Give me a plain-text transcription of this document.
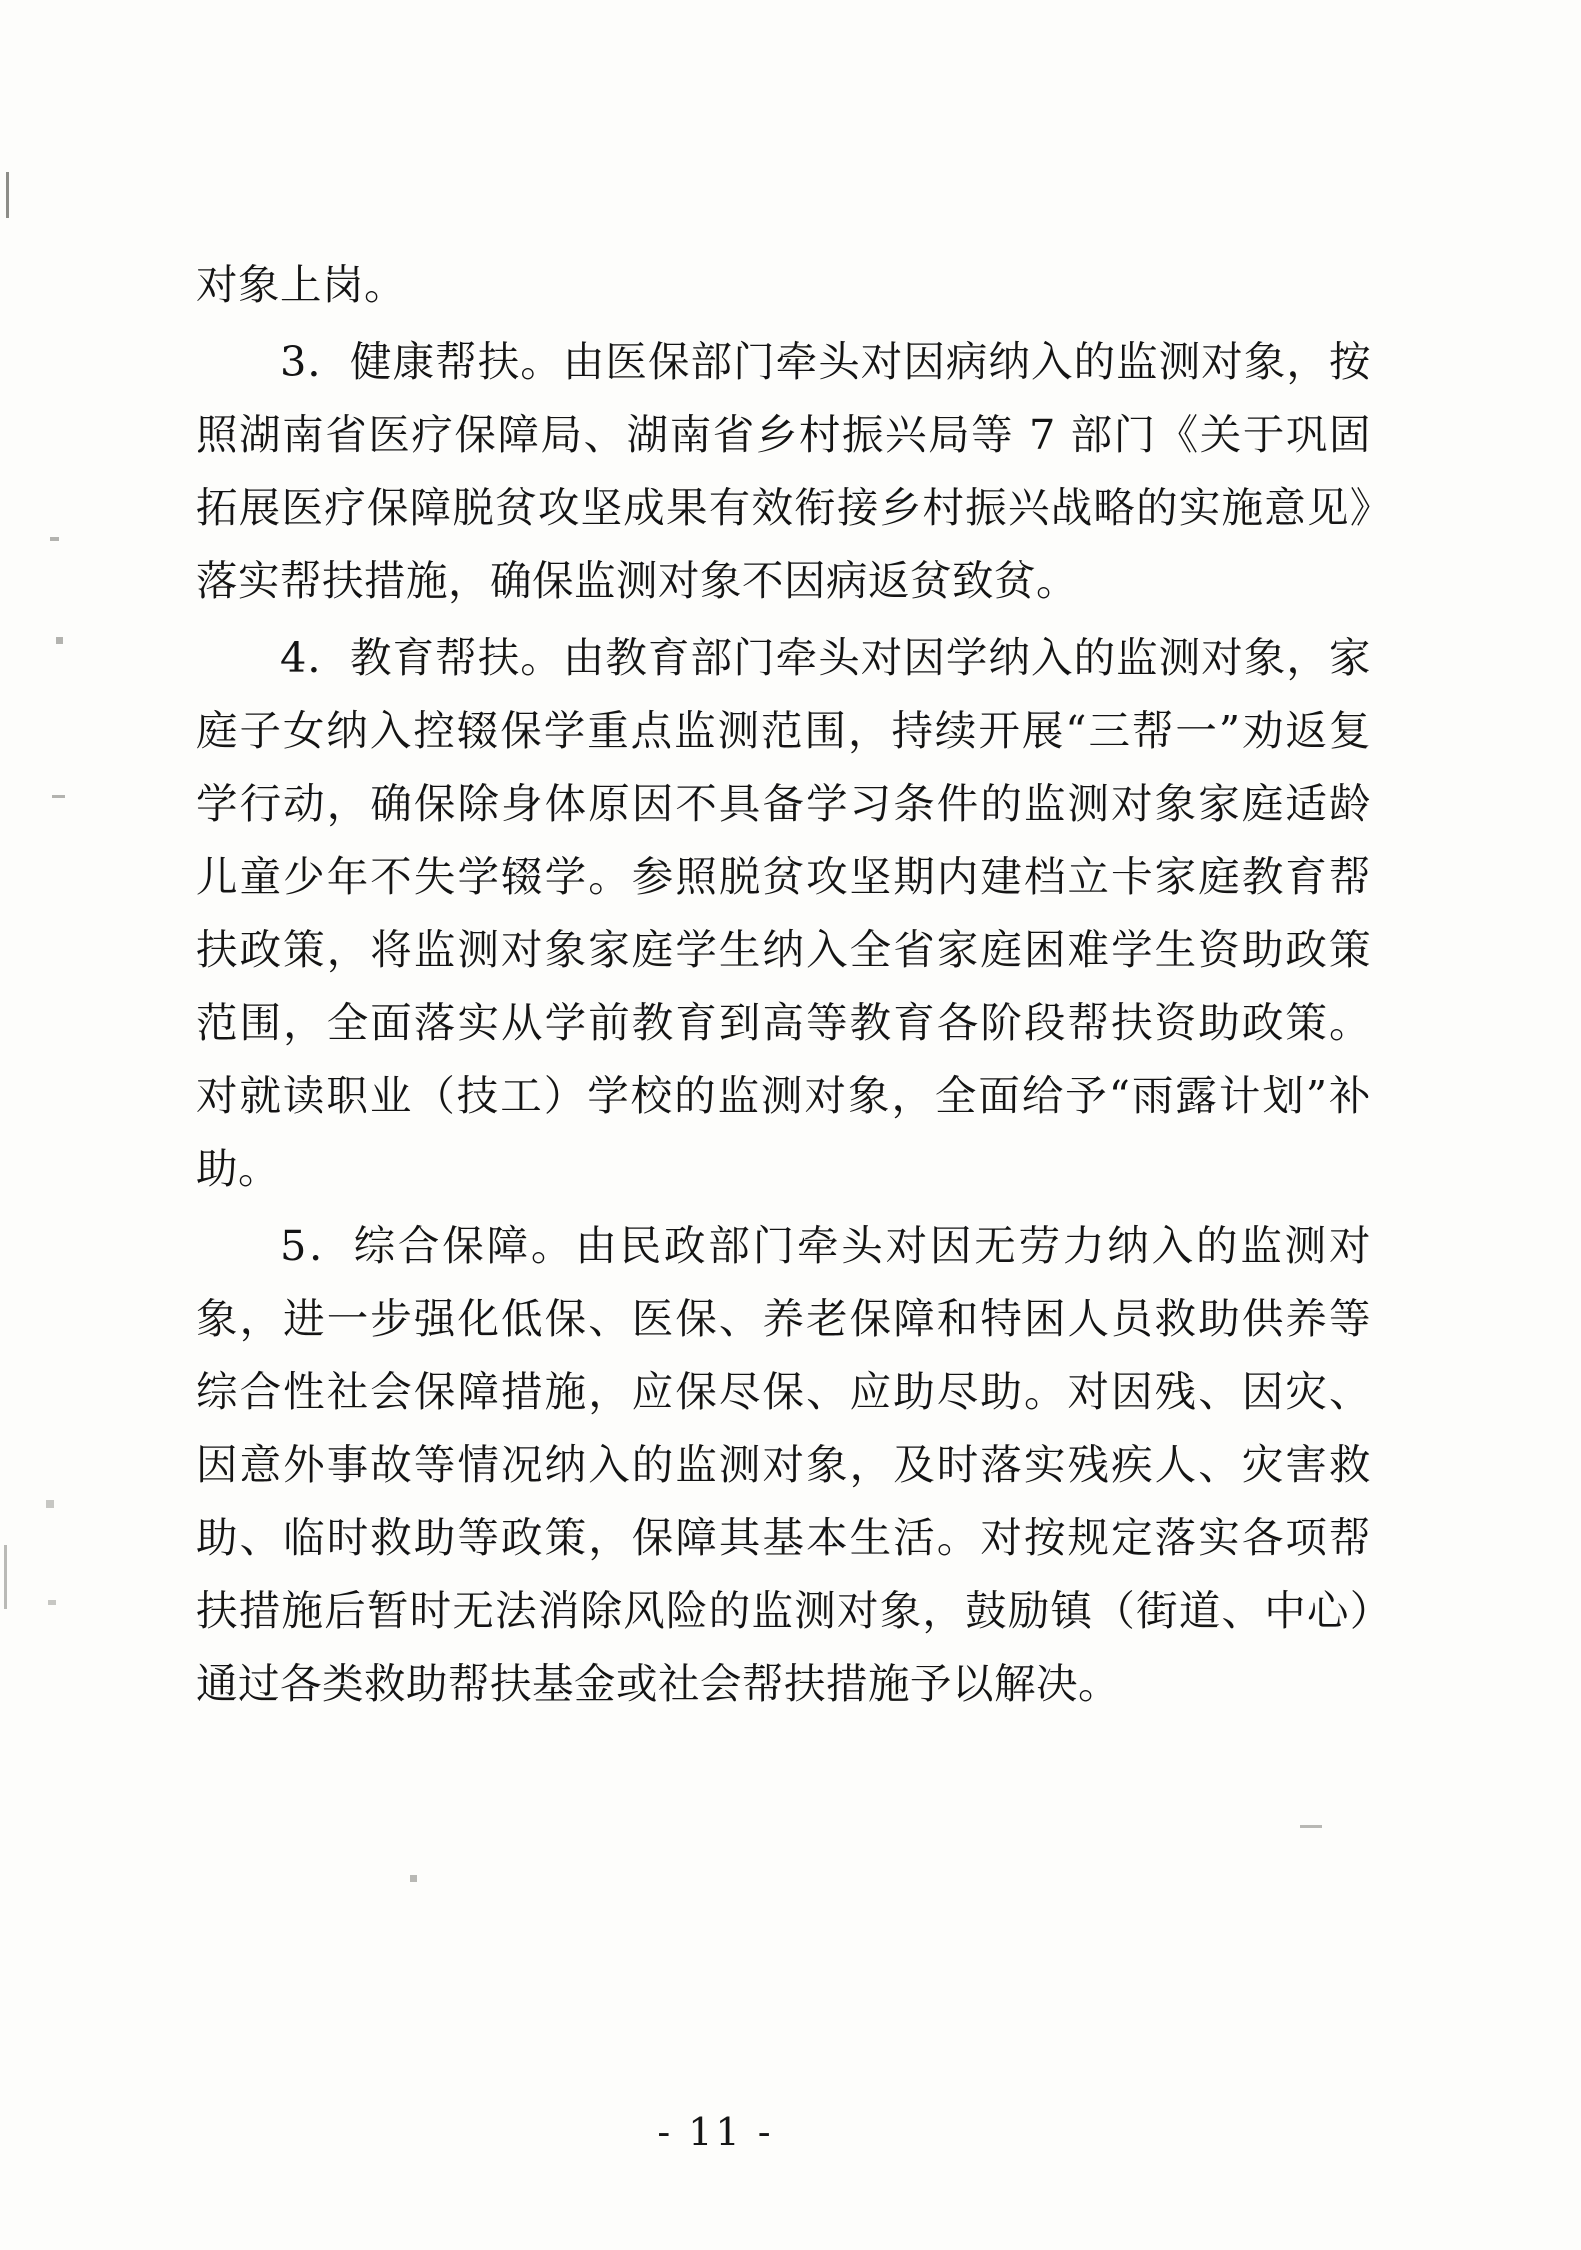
对象上岗。

3．健康帮扶。由医保部门牵头对因病纳入的监测对象，按照湖南省医疗保障局、湖南省乡村振兴局等 7 部门《关于巩固拓展医疗保障脱贫攻坚成果有效衔接乡村振兴战略的实施意见》落实帮扶措施，确保监测对象不因病返贫致贫。

4．教育帮扶。由教育部门牵头对因学纳入的监测对象，家庭子女纳入控辍保学重点监测范围，持续开展“三帮一”劝返复学行动，确保除身体原因不具备学习条件的监测对象家庭适龄儿童少年不失学辍学。参照脱贫攻坚期内建档立卡家庭教育帮扶政策，将监测对象家庭学生纳入全省家庭困难学生资助政策范围，全面落实从学前教育到高等教育各阶段帮扶资助政策。对就读职业（技工）学校的监测对象，全面给予“雨露计划”补助。

5．综合保障。由民政部门牵头对因无劳力纳入的监测对象，进一步强化低保、医保、养老保障和特困人员救助供养等综合性社会保障措施，应保尽保、应助尽助。对因残、因灾、因意外事故等情况纳入的监测对象，及时落实残疾人、灾害救助、临时救助等政策，保障其基本生活。对按规定落实各项帮扶措施后暂时无法消除风险的监测对象，鼓励镇（街道、中心）通过各类救助帮扶基金或社会帮扶措施予以解决。

- 11 -
